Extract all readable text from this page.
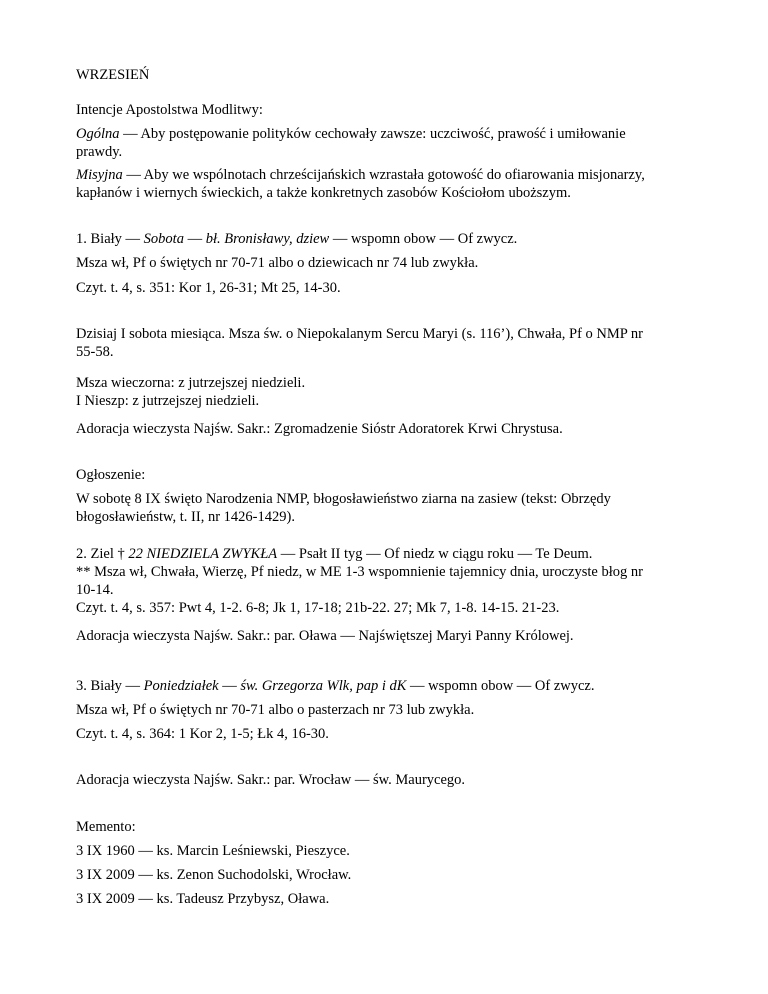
WRZESIEŃ
Intencje Apostolstwa Modlitwy:
Ogólna — Aby postępowanie polityków cechowały zawsze: uczciwość, prawość i umiłowanie
prawdy.
Misyjna — Aby we wspólnotach chrześcijańskich wzrastała gotowość do ofiarowania misjonarzy,
kapłanów i wiernych świeckich, a także konkretnych zasobów Kościołom uboższym.
1. Biały — Sobota — bł. Bronisławy, dziew — wspomn obow — Of zwycz.
Msza wł, Pf o świętych nr 70-71 albo o dziewicach nr 74 lub zwykła.
Czyt. t. 4, s. 351: Kor 1, 26-31; Mt 25, 14-30.
Dzisiaj I sobota miesiąca. Msza św. o Niepokalanym Sercu Maryi (s. 116’), Chwała, Pf o NMP nr
55-58.
Msza wieczorna: z jutrzejszej niedzieli.
I Nieszp: z jutrzejszej niedzieli.
Adoracja wieczysta Najśw. Sakr.: Zgromadzenie Sióstr Adoratorek Krwi Chrystusa.
Ogłoszenie:
W sobotę 8 IX święto Narodzenia NMP, błogosławieństwo ziarna na zasiew (tekst: Obrzędy
błogosławieństw, t. II, nr 1426-1429).
2. Ziel † 22 NIEDZIELA ZWYKŁA — Psałt II tyg — Of niedz w ciągu roku — Te Deum.
** Msza wł, Chwała, Wierzę, Pf niedz, w ME 1-3 wspomnienie tajemnicy dnia, uroczyste błog nr
10-14.
Czyt. t. 4, s. 357: Pwt 4, 1-2. 6-8; Jk 1, 17-18; 21b-22. 27; Mk 7, 1-8. 14-15. 21-23.
Adoracja wieczysta Najśw. Sakr.: par. Oława — Najświętszej Maryi Panny Królowej.
3. Biały — Poniedziałek — św. Grzegorza Wlk, pap i dK — wspomn obow — Of zwycz.
Msza wł, Pf o świętych nr 70-71 albo o pasterzach nr 73 lub zwykła.
Czyt. t. 4, s. 364: 1 Kor 2, 1-5; Łk 4, 16-30.
Adoracja wieczysta Najśw. Sakr.: par. Wrocław — św. Maurycego.
Memento:
3 IX 1960 — ks. Marcin Leśniewski, Pieszyce.
3 IX 2009 — ks. Zenon Suchodolski, Wrocław.
3 IX 2009 — ks. Tadeusz Przybysz, Oława.
